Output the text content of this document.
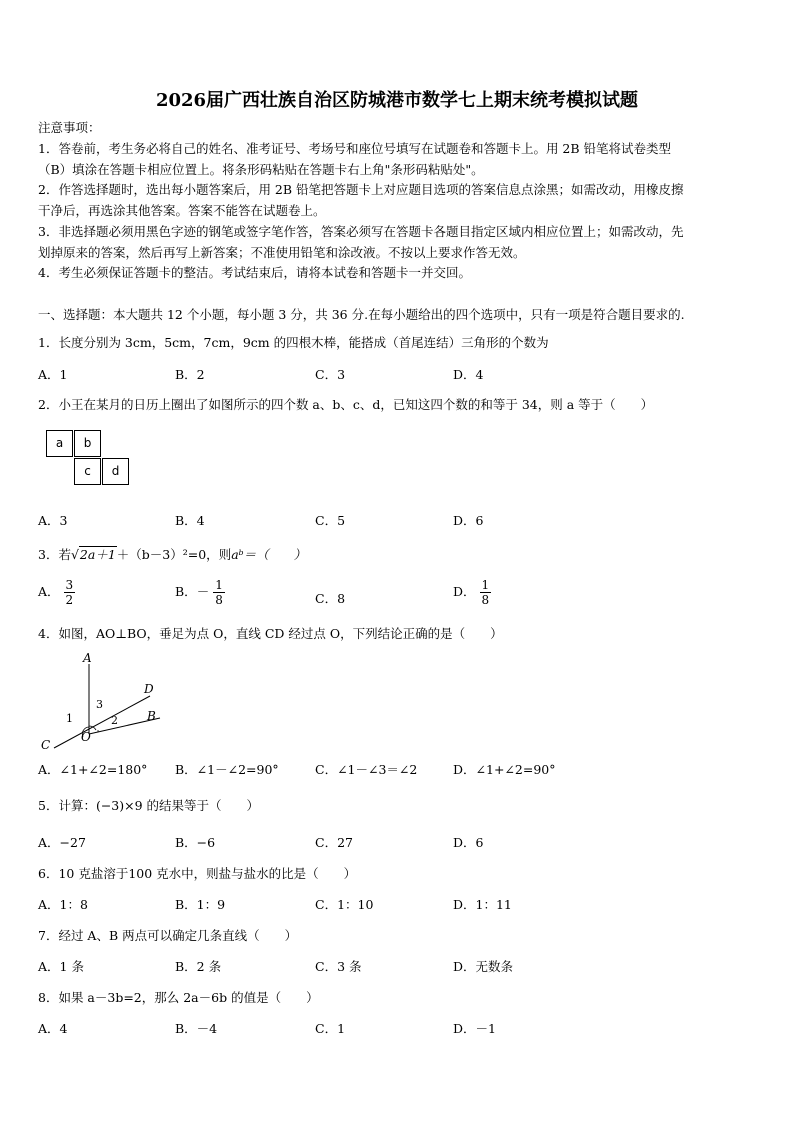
2026届广西壮族自治区防城港市数学七上期末统考模拟试题
注意事项：
1．答卷前，考生务必将自己的姓名、准考证号、考场号和座位号填写在试题卷和答题卡上。用 2B 铅笔将试卷类型
（B）填涂在答题卡相应位置上。将条形码粘贴在答题卡右上角"条形码粘贴处"。
2．作答选择题时，选出每小题答案后，用 2B 铅笔把答题卡上对应题目选项的答案信息点涂黑；如需改动，用橡皮擦
干净后，再选涂其他答案。答案不能答在试题卷上。
3．非选择题必须用黑色字迹的钢笔或签字笔作答，答案必须写在答题卡各题目指定区域内相应位置上；如需改动，先
划掉原来的答案，然后再写上新答案；不准使用铅笔和涂改液。不按以上要求作答无效。
4．考生必须保证答题卡的整洁。考试结束后，请将本试卷和答题卡一并交回。
一、选择题：本大题共 12 个小题，每小题 3 分，共 36 分.在每小题给出的四个选项中，只有一项是符合题目要求的.
1．长度分别为 3cm，5cm，7cm，9cm 的四根木棒，能搭成（首尾连结）三角形的个数为
A．1	B．2	C．3	D．4
2．小王在某月的日历上圈出了如图所示的四个数 a、b、c、d，已知这四个数的和等于 34，则 a 等于（　　）
a	b
c	d
A．3	B．4	C．5	D．6
3．若√2a＋1＋（b－3）²=0，则aᵇ＝（　　）
A． $\frac{3}{2}$	B．－ $\frac{1}{8}$	C．8	D． $\frac{1}{8}$
4．如图，AO⊥BO，垂足为点 O，直线 CD 经过点 O，下列结论正确的是（　　）
A
D
B
C
O
1	2
3
A．∠1+∠2=180° B．∠1－∠2=90°	C．∠1－∠3＝∠2	D．∠1+∠2=90°
5．计算：(−3)×9 的结果等于（　　）
A．−27	B．−6	C．27	D．6
6．10 克盐溶于100 克水中，则盐与盐水的比是（　　）
A．1：8	B．1：9	C．1：10	D．1：11
7．经过 A、B 两点可以确定几条直线（　　）
A．1 条	B．2 条	C．3 条	D．无数条
8．如果 a－3b=2，那么 2a－6b 的值是（　　）
A．4	B．－4	C．1	D．－1
